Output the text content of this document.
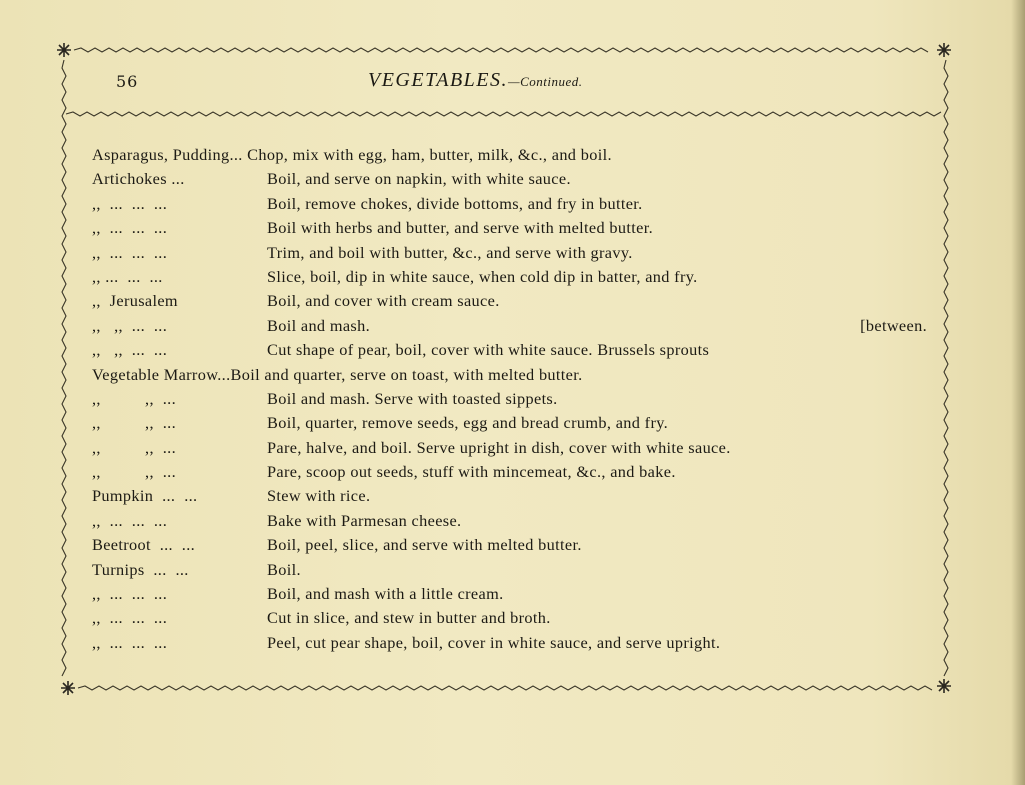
56	VEGETABLES.—Continued.
Asparagus, Pudding... Chop, mix with egg, ham, butter, milk, &c., and boil.
Artichokes ...	Boil, and serve on napkin, with white sauce.
,,  ...  ...  ...	Boil, remove chokes, divide bottoms, and fry in butter.
,,  ...  ...  ...	Boil with herbs and butter, and serve with melted butter.
,,  ...  ...  ...	Trim, and boil with butter, &c., and serve with gravy.
,, ...  ...  ...	Slice, boil, dip in white sauce, when cold dip in batter, and fry.
,,  Jerusalem	Boil, and cover with cream sauce.
,,   ,,  ...  ...	Boil and mash.	[between.
,,   ,,  ...  ...	Cut shape of pear, boil, cover with white sauce. Brussels sprouts
Vegetable Marrow...Boil and quarter, serve on toast, with melted butter.
,,          ,,  ...	Boil and mash. Serve with toasted sippets.
,,          ,,  ...	Boil, quarter, remove seeds, egg and bread crumb, and fry.
,,          ,,  ...	Pare, halve, and boil. Serve upright in dish, cover with white sauce.
,,          ,,  ...	Pare, scoop out seeds, stuff with mincemeat, &c., and bake.
Pumpkin  ...  ...	Stew with rice.
,,  ...  ...  ...	Bake with Parmesan cheese.
Beetroot  ...  ...	Boil, peel, slice, and serve with melted butter.
Turnips  ...  ...	Boil.
,,  ...  ...  ...	Boil, and mash with a little cream.
,,  ...  ...  ...	Cut in slice, and stew in butter and broth.
,,  ...  ...  ...	Peel, cut pear shape, boil, cover in white sauce, and serve upright.
